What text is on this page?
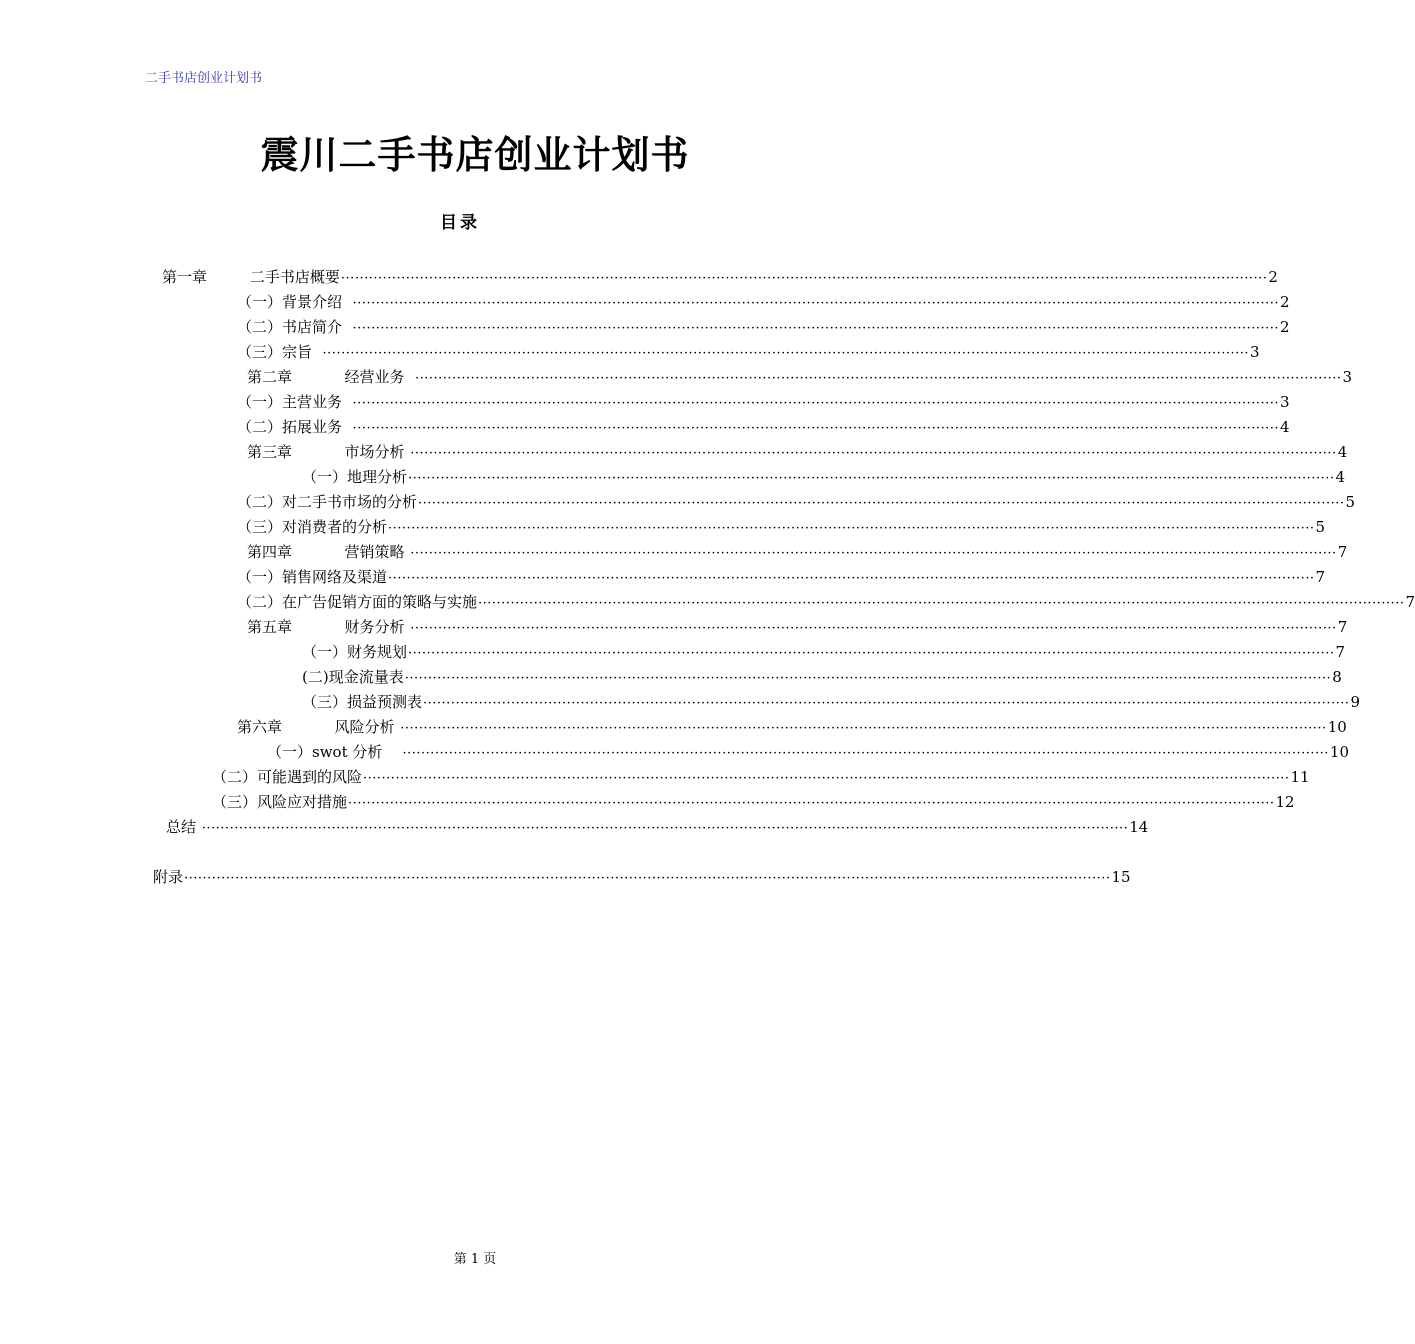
二手书店创业计划书
震川二手书店创业计划书
目录
第一章         二手书店概要 ········································································································································································································ 2
（一）背景介绍 ········································································································································································································ 2
（二）书店简介 ········································································································································································································ 2
（三）宗旨 ········································································································································································································ 3
第二章           经营业务 ········································································································································································································ 3
（一）主营业务 ········································································································································································································ 3
（二）拓展业务 ········································································································································································································ 4
第三章           市场分析 ········································································································································································································ 4
（一）地理分析 ········································································································································································································ 4
（二）对二手书市场的分析 ········································································································································································································ 5
（三）对消费者的分析 ········································································································································································································ 5
第四章           营销策略 ········································································································································································································ 7
（一）销售网络及渠道 ········································································································································································································ 7
（二）在广告促销方面的策略与实施 ········································································································································································································ 7
第五章           财务分析 ········································································································································································································ 7
（一）财务规划 ········································································································································································································ 7
(二)现金流量表 ········································································································································································································ 8
（三）损益预测表 ········································································································································································································ 9
第六章           风险分析 ········································································································································································································ 10
（一）swot 分析 ········································································································································································································ 10
（二）可能遇到的风险 ········································································································································································································ 11
（三）风险应对措施 ········································································································································································································ 12
总结 ········································································································································································································ 14
附录 ········································································································································································································ 15
第 1 页
